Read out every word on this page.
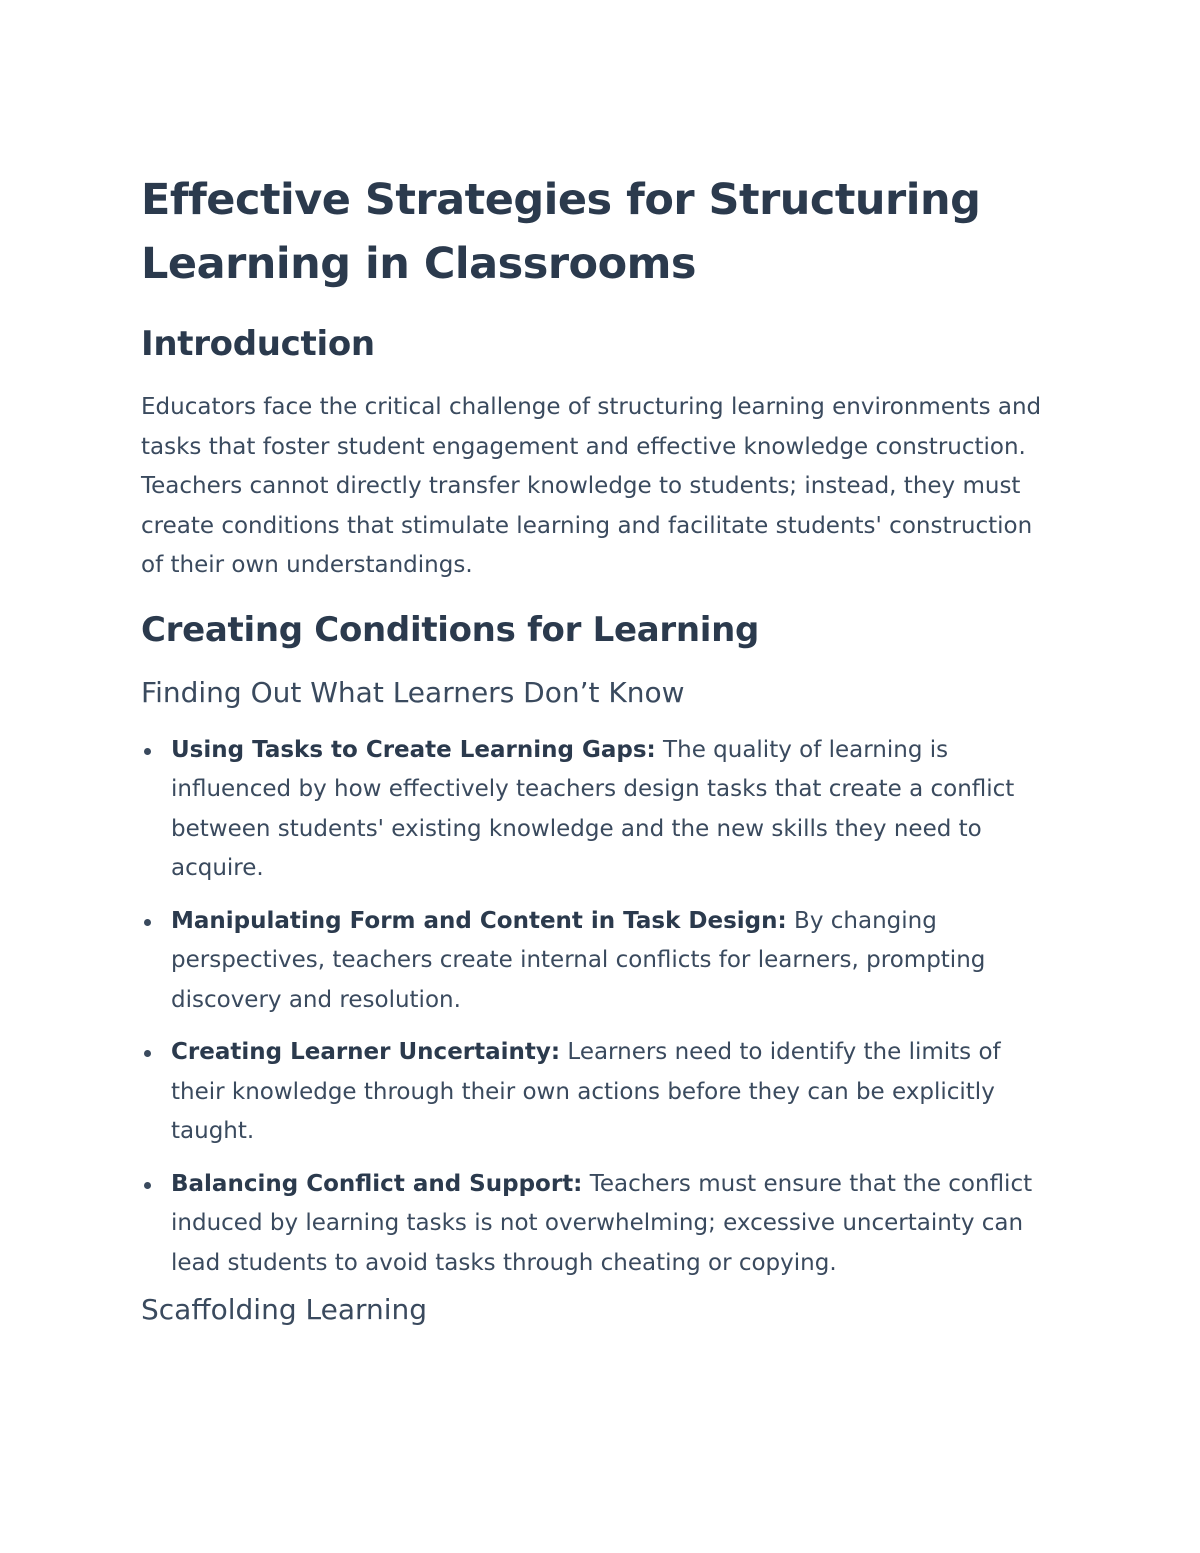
Effective Strategies for Structuring Learning in Classrooms
Introduction

Educators face the critical challenge of structuring learning environments and tasks that foster student engagement and effective knowledge construction. Teachers cannot directly transfer knowledge to students; instead, they must create conditions that stimulate learning and facilitate students' construction of their own understandings.

Creating Conditions for Learning
Finding Out What Learners Don’t Know
Using Tasks to Create Learning Gaps: The quality of learning is influenced by how effectively teachers design tasks that create a conflict between students' existing knowledge and the new skills they need to acquire.
Manipulating Form and Content in Task Design: By changing perspectives, teachers create internal conflicts for learners, prompting discovery and resolution.
Creating Learner Uncertainty: Learners need to identify the limits of their knowledge through their own actions before they can be explicitly taught.
Balancing Conflict and Support: Teachers must ensure that the conflict induced by learning tasks is not overwhelming; excessive uncertainty can lead students to avoid tasks through cheating or copying.
Scaffolding Learning
